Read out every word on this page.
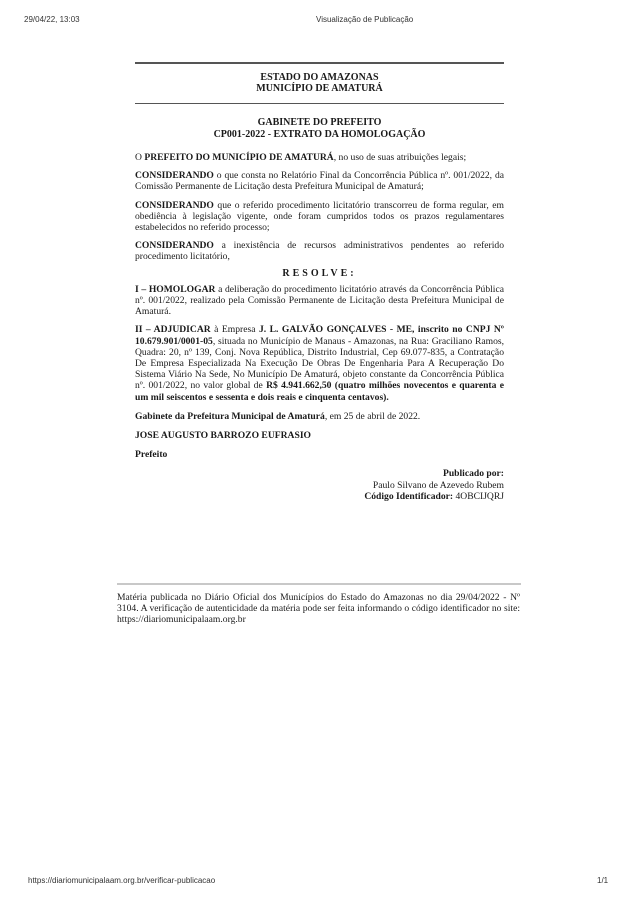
29/04/22, 13:03	Visualização de Publicação
ESTADO DO AMAZONAS
MUNICÍPIO DE AMATURÁ
GABINETE DO PREFEITO
CP001-2022 - EXTRATO DA HOMOLOGAÇÃO

O PREFEITO DO MUNICÍPIO DE AMATURÁ, no uso de suas atribuições legais;

CONSIDERANDO o que consta no Relatório Final da Concorrência Pública nº. 001/2022, da Comissão Permanente de Licitação desta Prefeitura Municipal de Amaturá;

CONSIDERANDO que o referido procedimento licitatório transcorreu de forma regular, em obediência à legislação vigente, onde foram cumpridos todos os prazos regulamentares estabelecidos no referido processo;

CONSIDERANDO a inexistência de recursos administrativos pendentes ao referido procedimento licitatório,

RESOLVE:

I – HOMOLOGAR a deliberação do procedimento licitatório através da Concorrência Pública nº. 001/2022, realizado pela Comissão Permanente de Licitação desta Prefeitura Municipal de Amaturá.

II – ADJUDICAR à Empresa J. L. GALVÃO GONÇALVES - ME, inscrito no CNPJ Nº 10.679.901/0001-05, situada no Município de Manaus - Amazonas, na Rua: Graciliano Ramos, Quadra: 20, nº 139, Conj. Nova República, Distrito Industrial, Cep 69.077-835, a Contratação De Empresa Especializada Na Execução De Obras De Engenharia Para A Recuperação Do Sistema Viário Na Sede, No Município De Amaturá, objeto constante da Concorrência Pública nº. 001/2022, no valor global de R$ 4.941.662,50 (quatro milhões novecentos e quarenta e um mil seiscentos e sessenta e dois reais e cinquenta centavos).

Gabinete da Prefeitura Municipal de Amaturá, em 25 de abril de 2022.

JOSE AUGUSTO BARROZO EUFRASIO
Prefeito
Publicado por:
Paulo Silvano de Azevedo Rubem
Código Identificador: 4OBCIJQRJ
Matéria publicada no Diário Oficial dos Municípios do Estado do Amazonas no dia 29/04/2022 - Nº 3104. A verificação de autenticidade da matéria pode ser feita informando o código identificador no site: https://diariomunicipalaam.org.br
https://diariomunicipalaam.org.br/verificar-publicacao	1/1
